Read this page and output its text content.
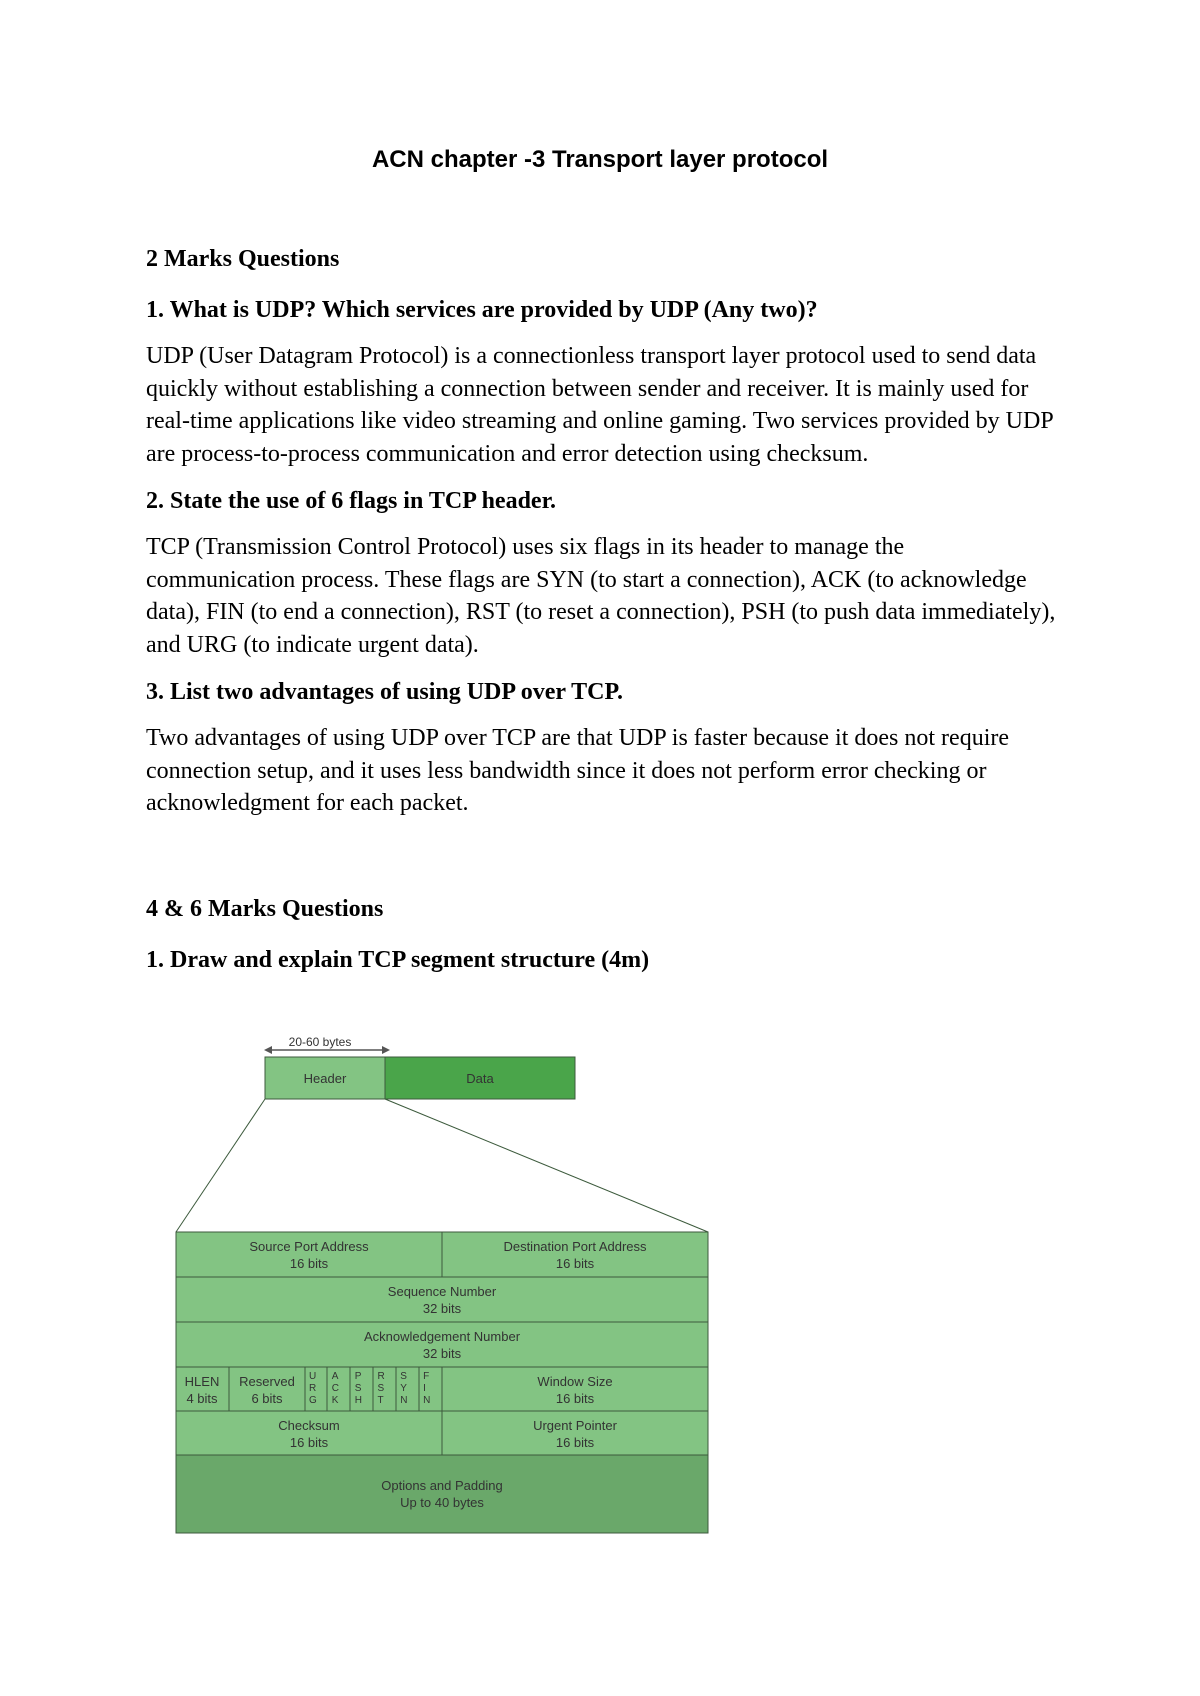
ACN chapter -3 Transport layer protocol
2 Marks Questions
1. What is UDP? Which services are provided by UDP (Any two)?

UDP (User Datagram Protocol) is a connectionless transport layer protocol used to send data quickly without establishing a connection between sender and receiver. It is mainly used for real-time applications like video streaming and online gaming. Two services provided by UDP are process-to-process communication and error detection using checksum.

2. State the use of 6 flags in TCP header.

TCP (Transmission Control Protocol) uses six flags in its header to manage the communication process. These flags are SYN (to start a connection), ACK (to acknowledge data), FIN (to end a connection), RST (to reset a connection), PSH (to push data immediately), and URG (to indicate urgent data).

3. List two advantages of using UDP over TCP.

Two advantages of using UDP over TCP are that UDP is faster because it does not require connection setup, and it uses less bandwidth since it does not perform error checking or acknowledgment for each packet.

4 & 6 Marks Questions
1. Draw and explain TCP segment structure (4m)
20-60 bytes
Header	Data
Source Port Address
16 bits
Destination Port Address
16 bits
Sequence Number
32 bits
Acknowledgement Number
32 bits
HLEN
4 bits
Reserved
6 bits
U
R
G
A
C
K
P
S
H
R
S
T
S
Y
N
F
I
N
Window Size
16 bits
Checksum
16 bits
Urgent Pointer
16 bits
Options and Padding
Up to 40 bytes
